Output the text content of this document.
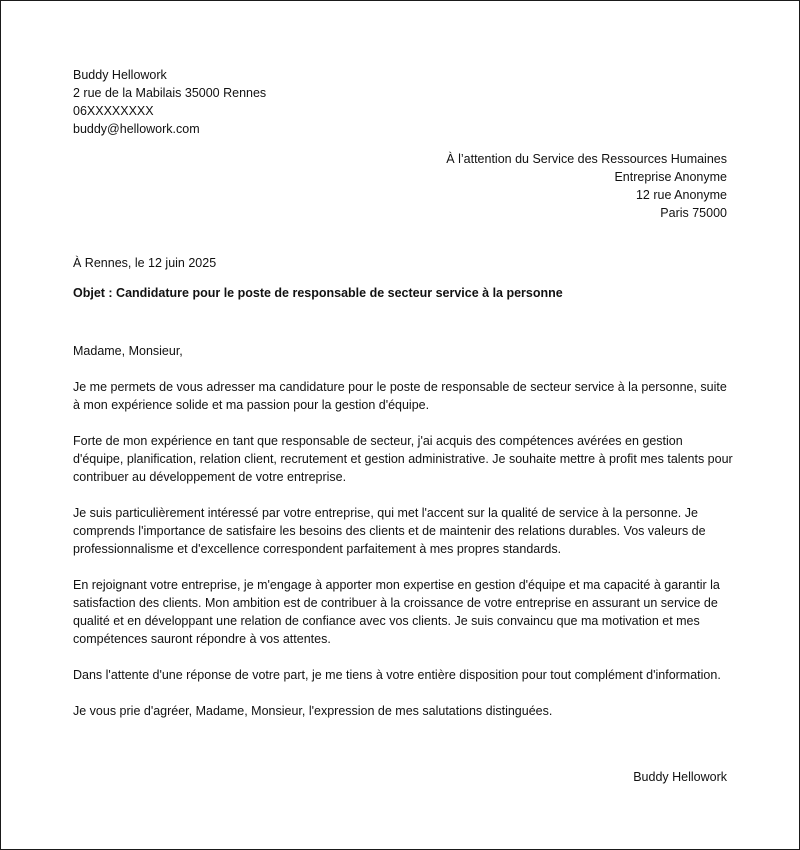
Buddy Hellowork
2 rue de la Mabilais 35000 Rennes
06XXXXXXXX
buddy@hellowork.com
À l’attention du Service des Ressources Humaines
Entreprise Anonyme
12 rue Anonyme
Paris 75000
À Rennes, le 12 juin 2025
Objet : Candidature pour le poste de responsable de secteur service à la personne

Madame, Monsieur,

Je me permets de vous adresser ma candidature pour le poste de responsable de secteur service à la personne, suite à mon expérience solide et ma passion pour la gestion d'équipe.

Forte de mon expérience en tant que responsable de secteur, j'ai acquis des compétences avérées en gestion d'équipe, planification, relation client, recrutement et gestion administrative. Je souhaite mettre à profit mes talents pour contribuer au développement de votre entreprise.

Je suis particulièrement intéressé par votre entreprise, qui met l'accent sur la qualité de service à la personne. Je comprends l'importance de satisfaire les besoins des clients et de maintenir des relations durables. Vos valeurs de professionnalisme et d'excellence correspondent parfaitement à mes propres standards.

En rejoignant votre entreprise, je m'engage à apporter mon expertise en gestion d'équipe et ma capacité à garantir la satisfaction des clients. Mon ambition est de contribuer à la croissance de votre entreprise en assurant un service de qualité et en développant une relation de confiance avec vos clients. Je suis convaincu que ma motivation et mes compétences sauront répondre à vos attentes.

Dans l'attente d'une réponse de votre part, je me tiens à votre entière disposition pour tout complément d'information.

Je vous prie d'agréer, Madame, Monsieur, l'expression de mes salutations distinguées.

Buddy Hellowork
